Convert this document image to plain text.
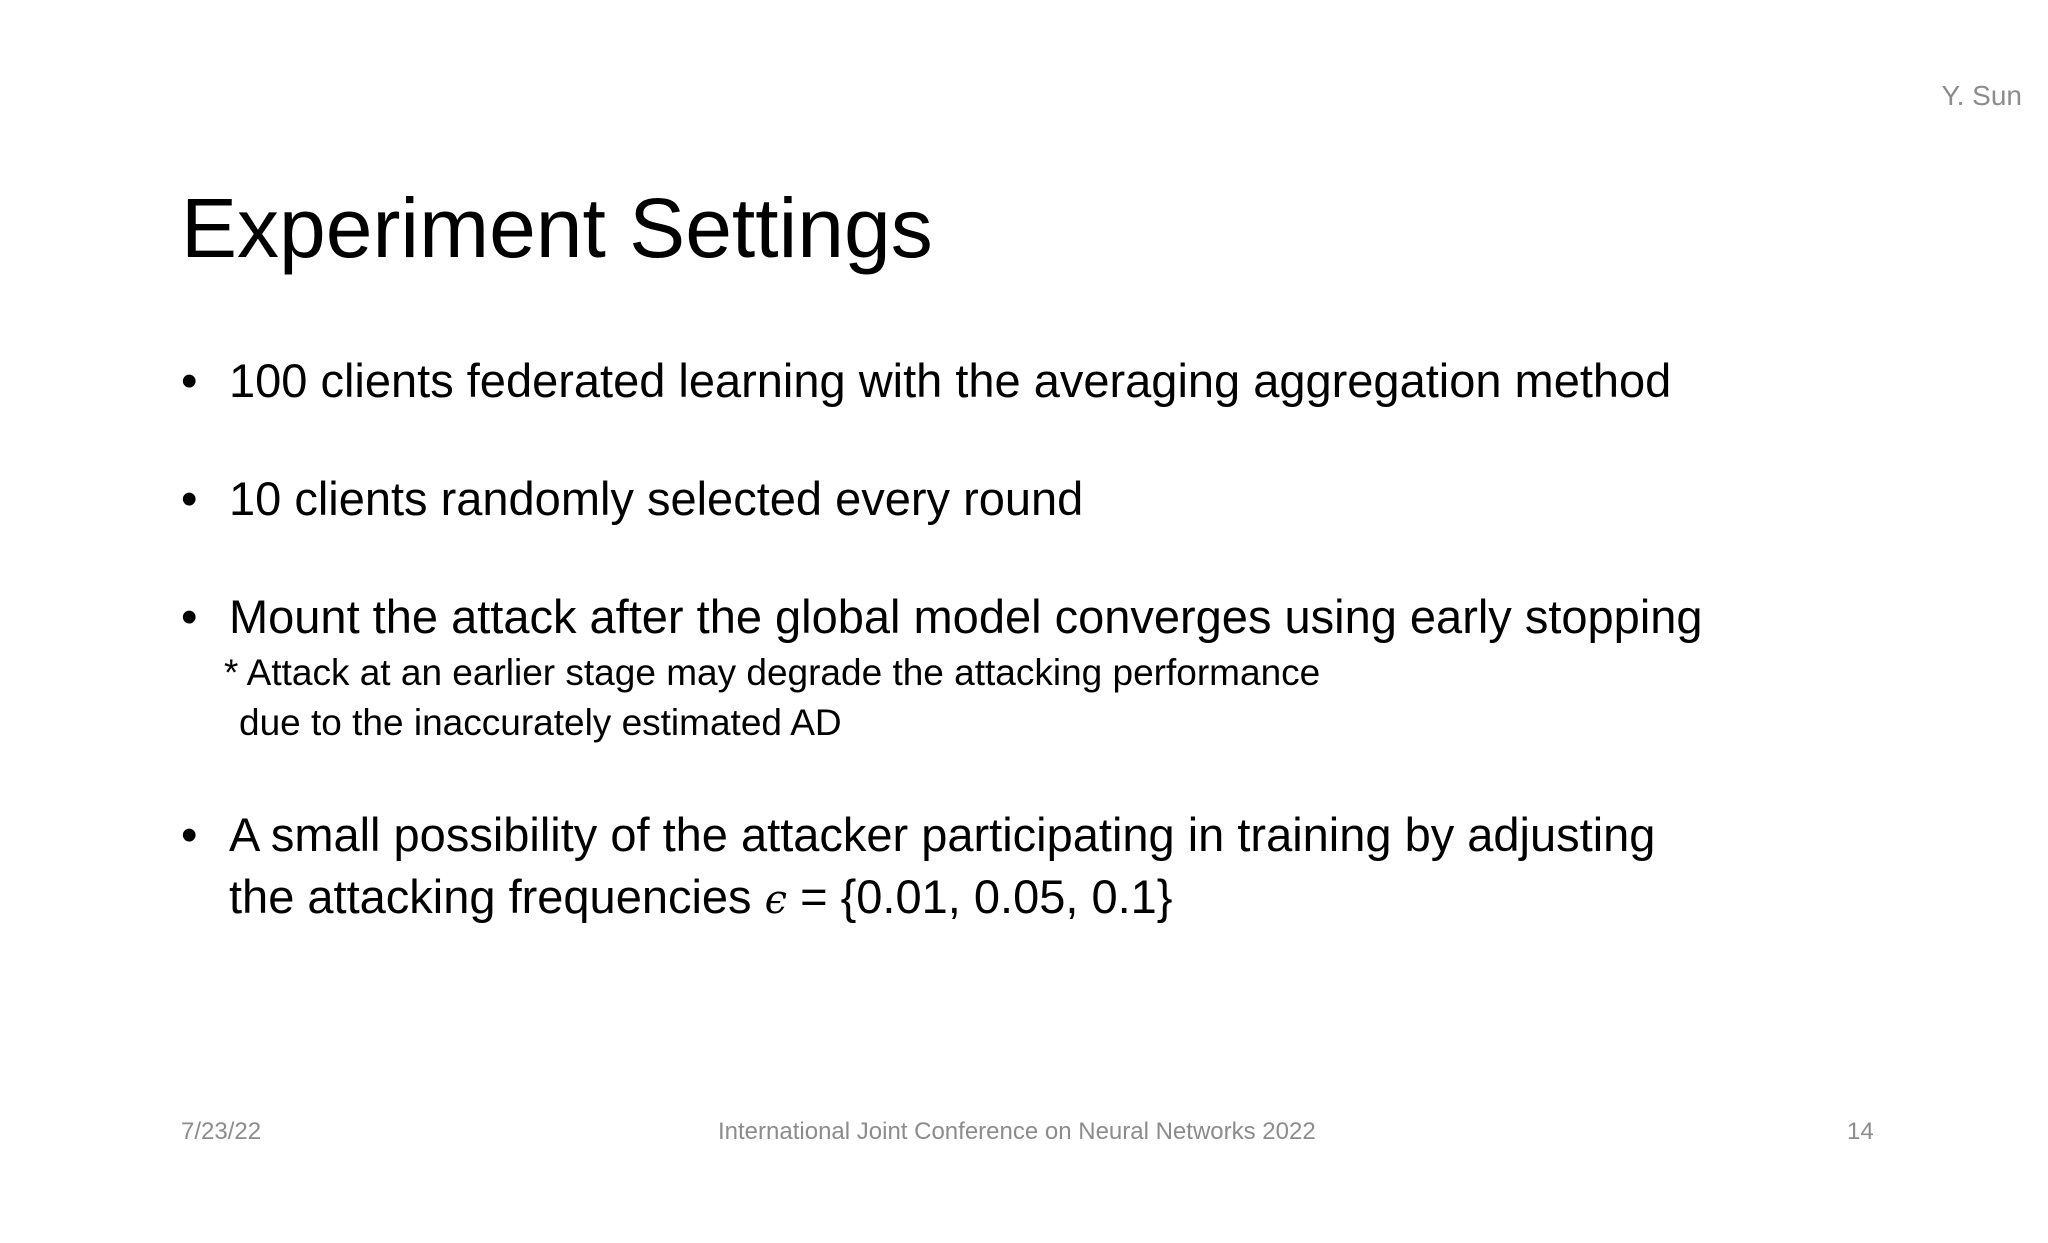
Y. Sun
Experiment Settings
• 100 clients federated learning with the averaging aggregation method
• 10 clients randomly selected every round
• Mount the attack after the global model converges using early stopping
* Attack at an earlier stage may degrade the attacking performance
due to the inaccurately estimated AD
• A small possibility of the attacker participating in training by adjusting
the attacking frequencies ϵ = {0.01, 0.05, 0.1}
7/23/22	International Joint Conference on Neural Networks 2022	14
